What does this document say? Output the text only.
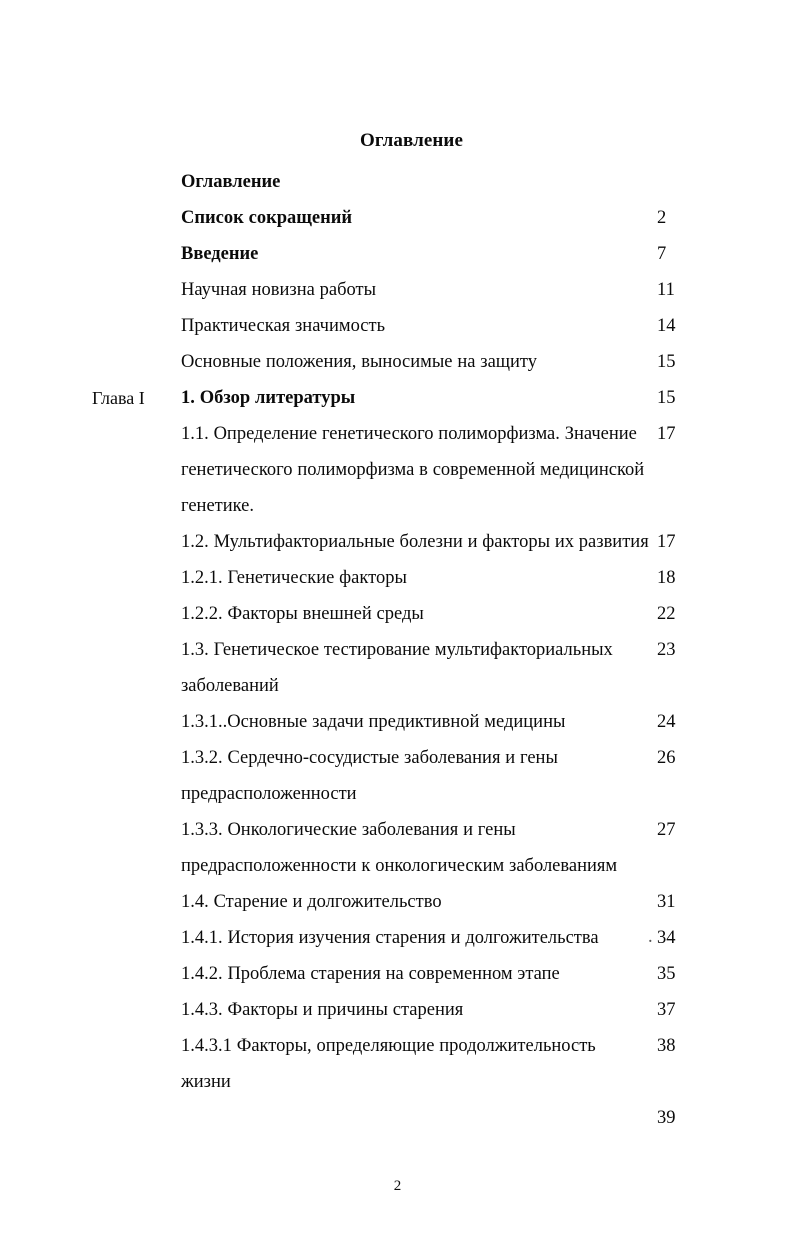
Оглавление
Оглавление
2
Список сокращений
7
Введение
11
Научная новизна работы
14
Практическая значимость
15
Основные положения, выносимые на защиту
15
Глава I	1. Обзор литературы
17
1.1. Определение генетического полиморфизма. Значение генетического полиморфизма в современной медицинской генетике.
17
1.2. Мультифакториальные болезни и факторы их развития
18
1.2.1. Генетические факторы
22
1.2.2. Факторы внешней среды
23
1.3. Генетическое тестирование мультифакториальных заболеваний
24
1.3.1..Основные задачи предиктивной медицины
26
1.3.2. Сердечно-сосудистые заболевания и гены предрасположенности
27
1.3.3. Онкологические заболевания и гены предрасположенности к онкологическим заболеваниям
31
1.4. Старение и долгожительство
. 34
1.4.1. История изучения старения и долгожительства
35
1.4.2. Проблема старения на современном этапе
37
1.4.3. Факторы и причины старения
38
1.4.3.1 Факторы, определяющие продолжительность жизни
39
2
